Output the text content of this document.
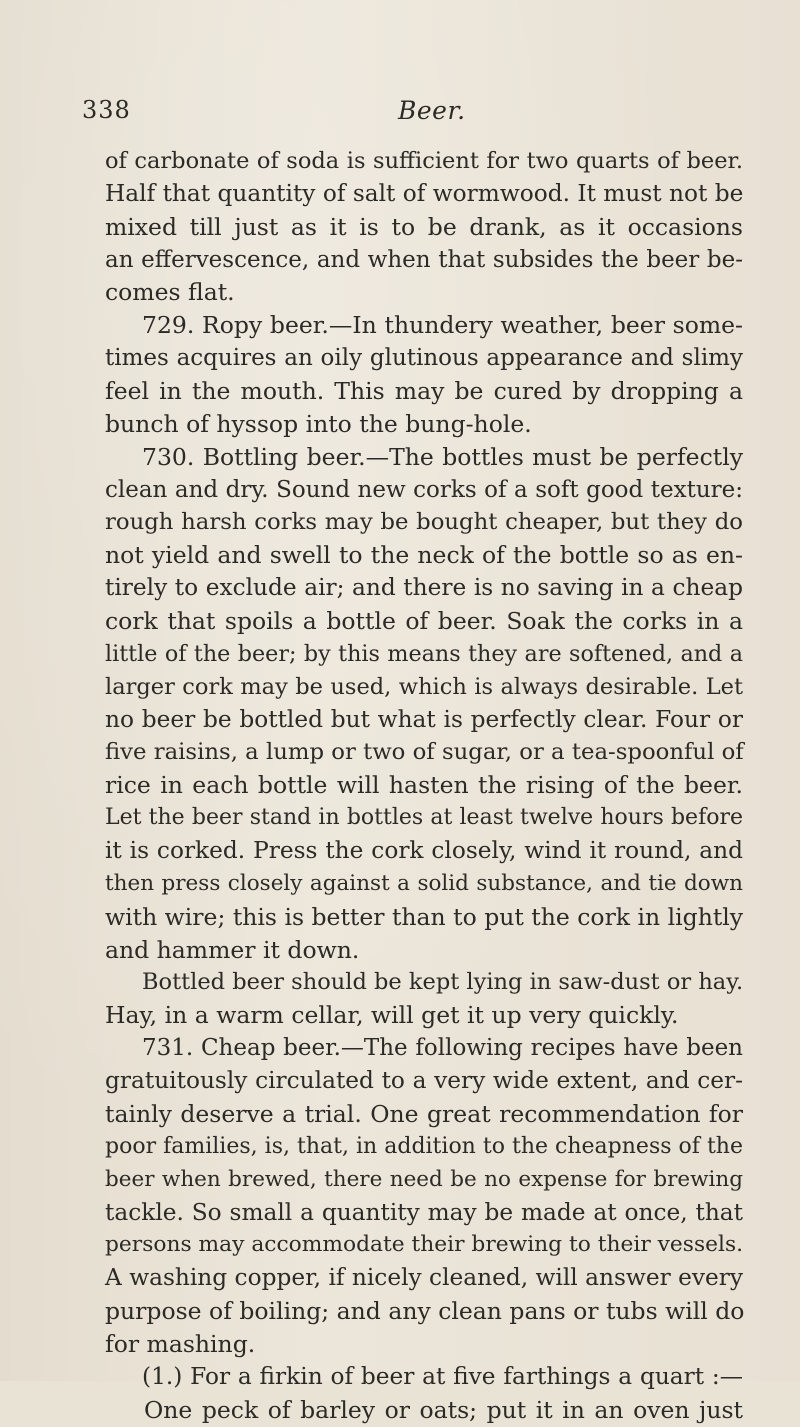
338	Beer.
of carbonate of soda is sufficient for two quarts of beer.
Half that quantity of salt of wormwood. It must not be
mixed till just as it is to be drank, as it occasions
an effervescence, and when that subsides the beer be-
comes flat.
729. Ropy beer.—In thundery weather, beer some-
times acquires an oily glutinous appearance and slimy
feel in the mouth. This may be cured by dropping a
bunch of hyssop into the bung-hole.
730. Bottling beer.—The bottles must be perfectly
clean and dry. Sound new corks of a soft good texture:
rough harsh corks may be bought cheaper, but they do
not yield and swell to the neck of the bottle so as en-
tirely to exclude air; and there is no saving in a cheap
cork that spoils a bottle of beer. Soak the corks in a
little of the beer; by this means they are softened, and a
larger cork may be used, which is always desirable. Let
no beer be bottled but what is perfectly clear. Four or
five raisins, a lump or two of sugar, or a tea-spoonful of
rice in each bottle will hasten the rising of the beer.
Let the beer stand in bottles at least twelve hours before
it is corked. Press the cork closely, wind it round, and
then press closely against a solid substance, and tie down
with wire; this is better than to put the cork in lightly
and hammer it down.
Bottled beer should be kept lying in saw-dust or hay.
Hay, in a warm cellar, will get it up very quickly.
731. Cheap beer.—The following recipes have been
gratuitously circulated to a very wide extent, and cer-
tainly deserve a trial. One great recommendation for
poor families, is, that, in addition to the cheapness of the
beer when brewed, there need be no expense for brewing
tackle. So small a quantity may be made at once, that
persons may accommodate their brewing to their vessels.
A washing copper, if nicely cleaned, will answer every
purpose of boiling; and any clean pans or tubs will do
for mashing.
(1.) For a firkin of beer at five farthings a quart :—
One peck of barley or oats; put it in an oven just
